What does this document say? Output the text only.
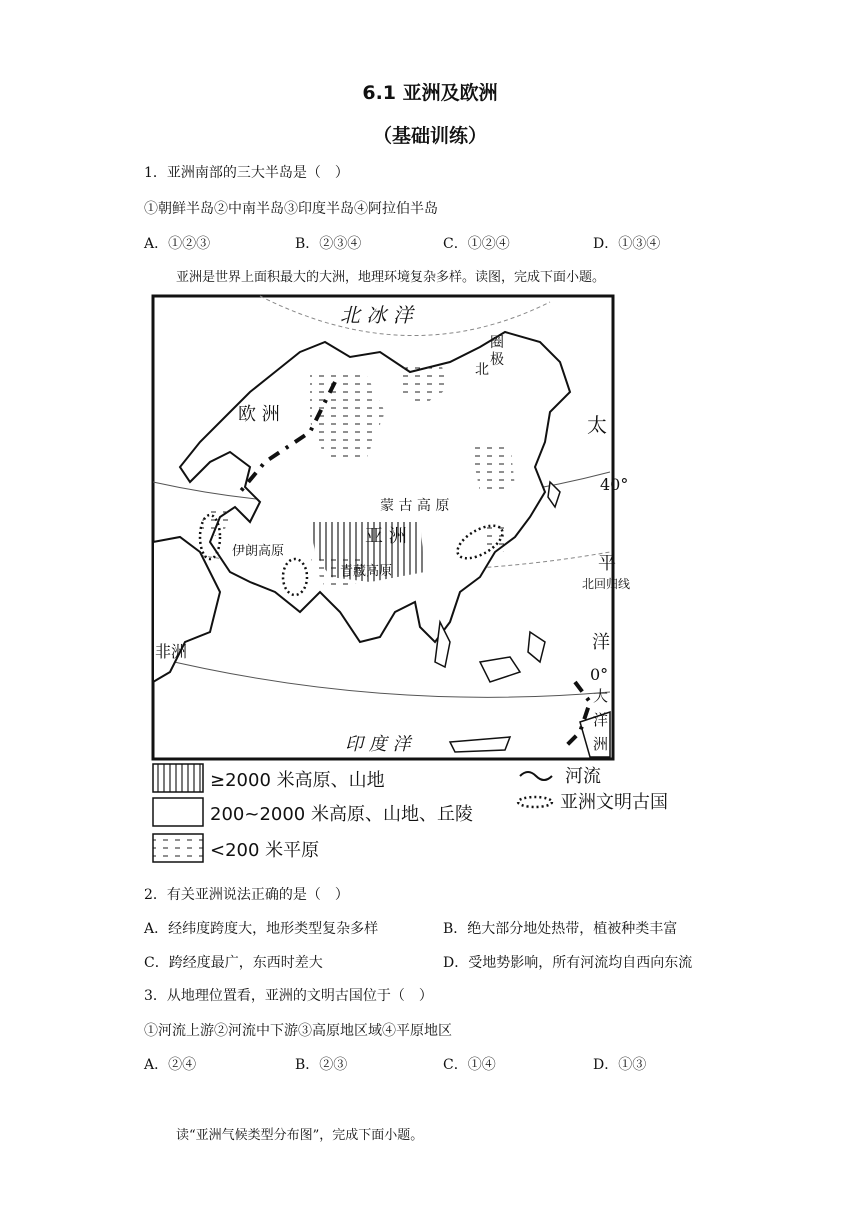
6.1 亚洲及欧洲
（基础训练）
1．亚洲南部的三大半岛是（　）
①朝鲜半岛②中南半岛③印度半岛④阿拉伯半岛
A．①②③	B．②③④	C．①②④	D．①③④
亚洲是世界上面积最大的大洲，地理环境复杂多样。读图，完成下面小题。
北 冰 洋
圈
极
北
欧 洲	太
40°
蒙 古 高 原
亚 洲
伊朗高原
青藏高原	平
北回归线
非洲	洋
0°
大
洋
洲
印 度 洋
≥2000 米高原、山地
200~2000 米高原、山地、丘陵
<200 米平原
河流
亚洲文明古国
2．有关亚洲说法正确的是（　）
A．经纬度跨度大，地形类型复杂多样	B．绝大部分地处热带，植被种类丰富
C．跨经度最广，东西时差大	D．受地势影响，所有河流均自西向东流
3．从地理位置看，亚洲的文明古国位于（　）
①河流上游②河流中下游③高原地区域④平原地区
A．②④	B．②③	C．①④	D．①③
读“亚洲气候类型分布图”，完成下面小题。
